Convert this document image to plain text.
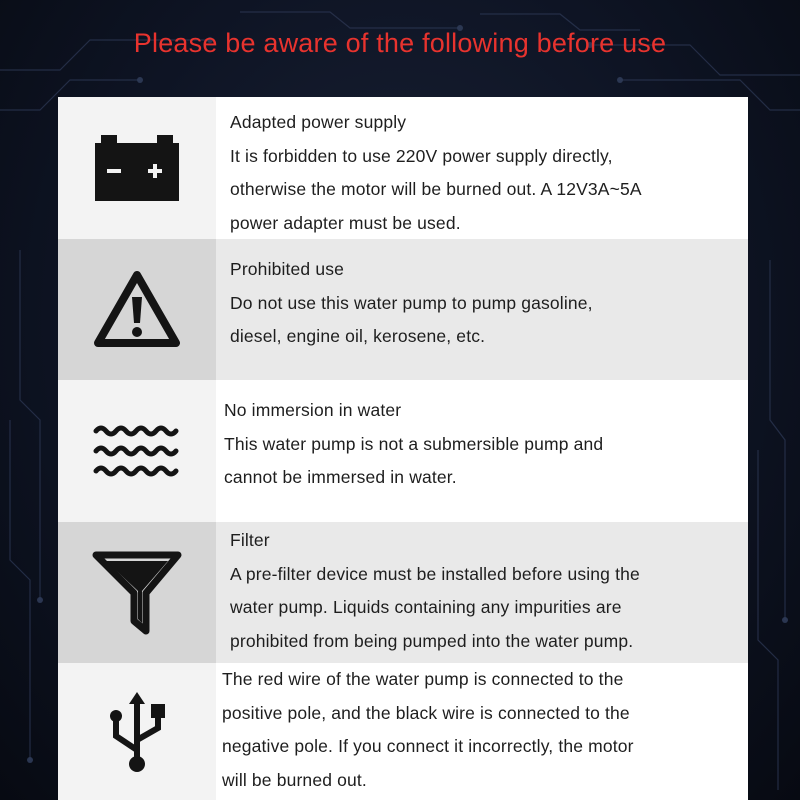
Please be aware of the following before use
Adapted power supply
It is forbidden to use 220V power supply directly,
otherwise the motor will be burned out. A 12V3A~5A
power adapter must be used.
Prohibited use
Do not use this water pump to pump gasoline,
diesel, engine oil, kerosene, etc.
No immersion in water
This water pump is not a submersible pump and
cannot be immersed in water.
Filter
A pre-filter device must be installed before using the
water pump. Liquids containing any impurities are
prohibited from being pumped into the water pump.
The red wire of the water pump is connected to the
positive pole, and the black wire is connected to the
negative pole. If you connect it incorrectly, the motor
will be burned out.
